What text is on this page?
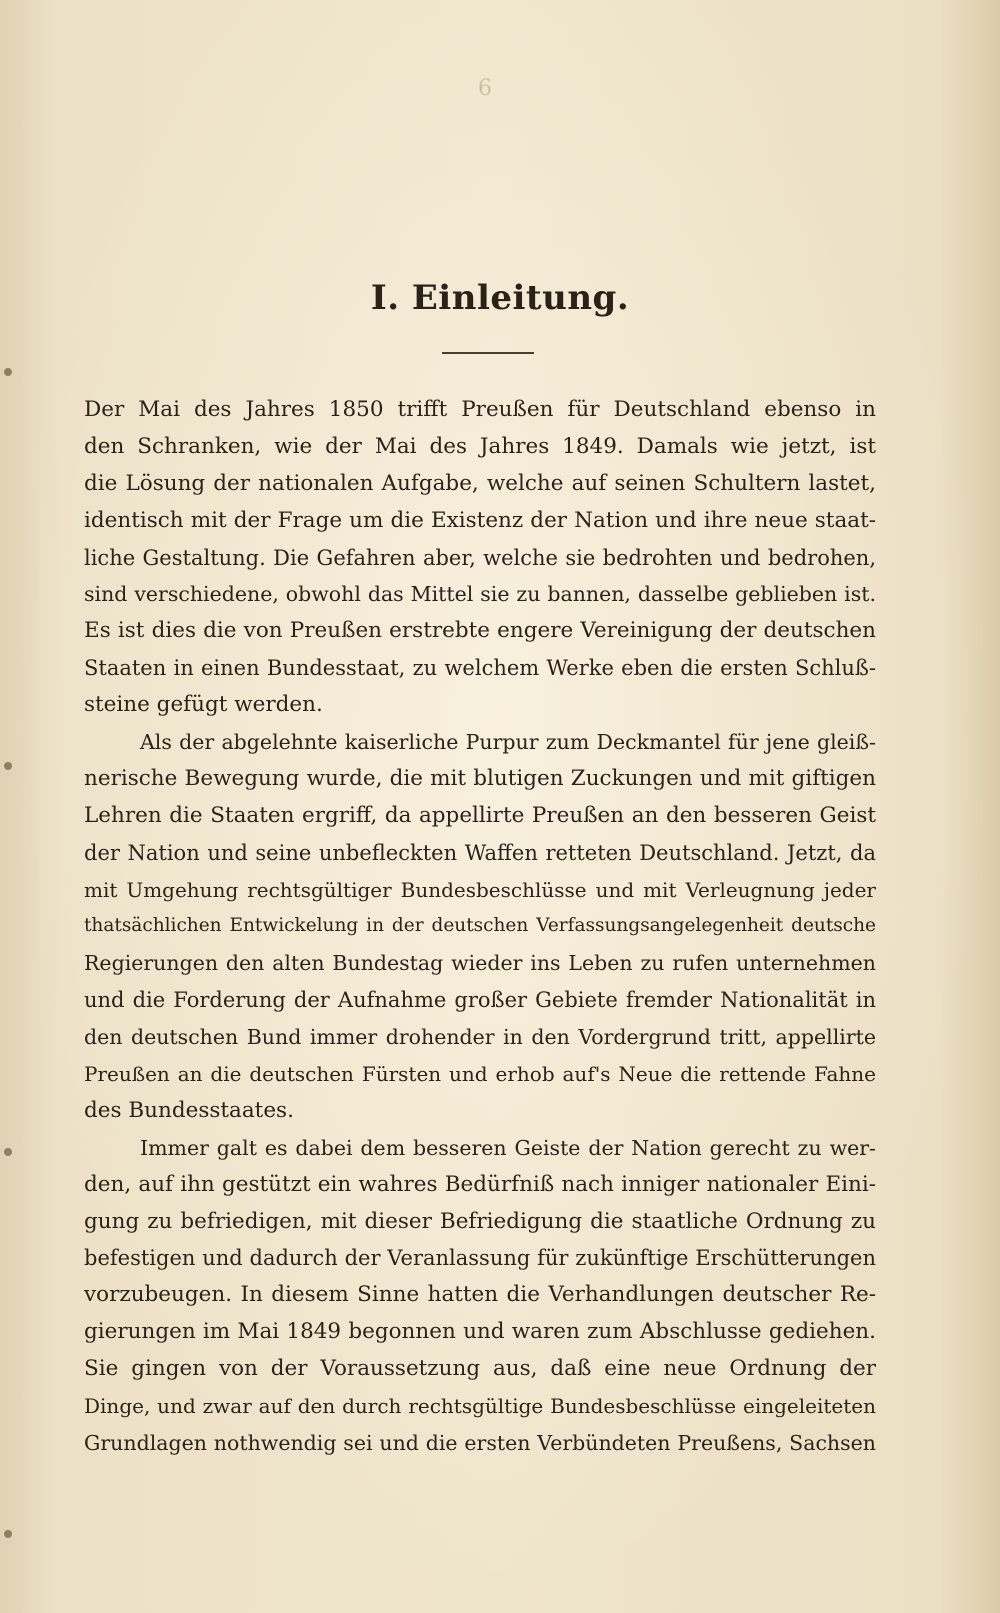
6
I. Einleitung.
Der Mai des Jahres 1850 trifft Preußen für Deutschland ebenso in
den Schranken, wie der Mai des Jahres 1849. Damals wie jetzt, ist
die Lösung der nationalen Aufgabe, welche auf seinen Schultern lastet,
identisch mit der Frage um die Existenz der Nation und ihre neue staat-
liche Gestaltung. Die Gefahren aber, welche sie bedrohten und bedrohen,
sind verschiedene, obwohl das Mittel sie zu bannen, dasselbe geblieben ist.
Es ist dies die von Preußen erstrebte engere Vereinigung der deutschen
Staaten in einen Bundesstaat, zu welchem Werke eben die ersten Schluß-
steine gefügt werden.
Als der abgelehnte kaiserliche Purpur zum Deckmantel für jene gleiß-
nerische Bewegung wurde, die mit blutigen Zuckungen und mit giftigen
Lehren die Staaten ergriff, da appellirte Preußen an den besseren Geist
der Nation und seine unbefleckten Waffen retteten Deutschland. Jetzt, da
mit Umgehung rechtsgültiger Bundesbeschlüsse und mit Verleugnung jeder
thatsächlichen Entwickelung in der deutschen Verfassungsangelegenheit deutsche
Regierungen den alten Bundestag wieder ins Leben zu rufen unternehmen
und die Forderung der Aufnahme großer Gebiete fremder Nationalität in
den deutschen Bund immer drohender in den Vordergrund tritt, appellirte
Preußen an die deutschen Fürsten und erhob auf's Neue die rettende Fahne
des Bundesstaates.
Immer galt es dabei dem besseren Geiste der Nation gerecht zu wer-
den, auf ihn gestützt ein wahres Bedürfniß nach inniger nationaler Eini-
gung zu befriedigen, mit dieser Befriedigung die staatliche Ordnung zu
befestigen und dadurch der Veranlassung für zukünftige Erschütterungen
vorzubeugen. In diesem Sinne hatten die Verhandlungen deutscher Re-
gierungen im Mai 1849 begonnen und waren zum Abschlusse gediehen.
Sie gingen von der Voraussetzung aus, daß eine neue Ordnung der
Dinge, und zwar auf den durch rechtsgültige Bundesbeschlüsse eingeleiteten
Grundlagen nothwendig sei und die ersten Verbündeten Preußens, Sachsen
